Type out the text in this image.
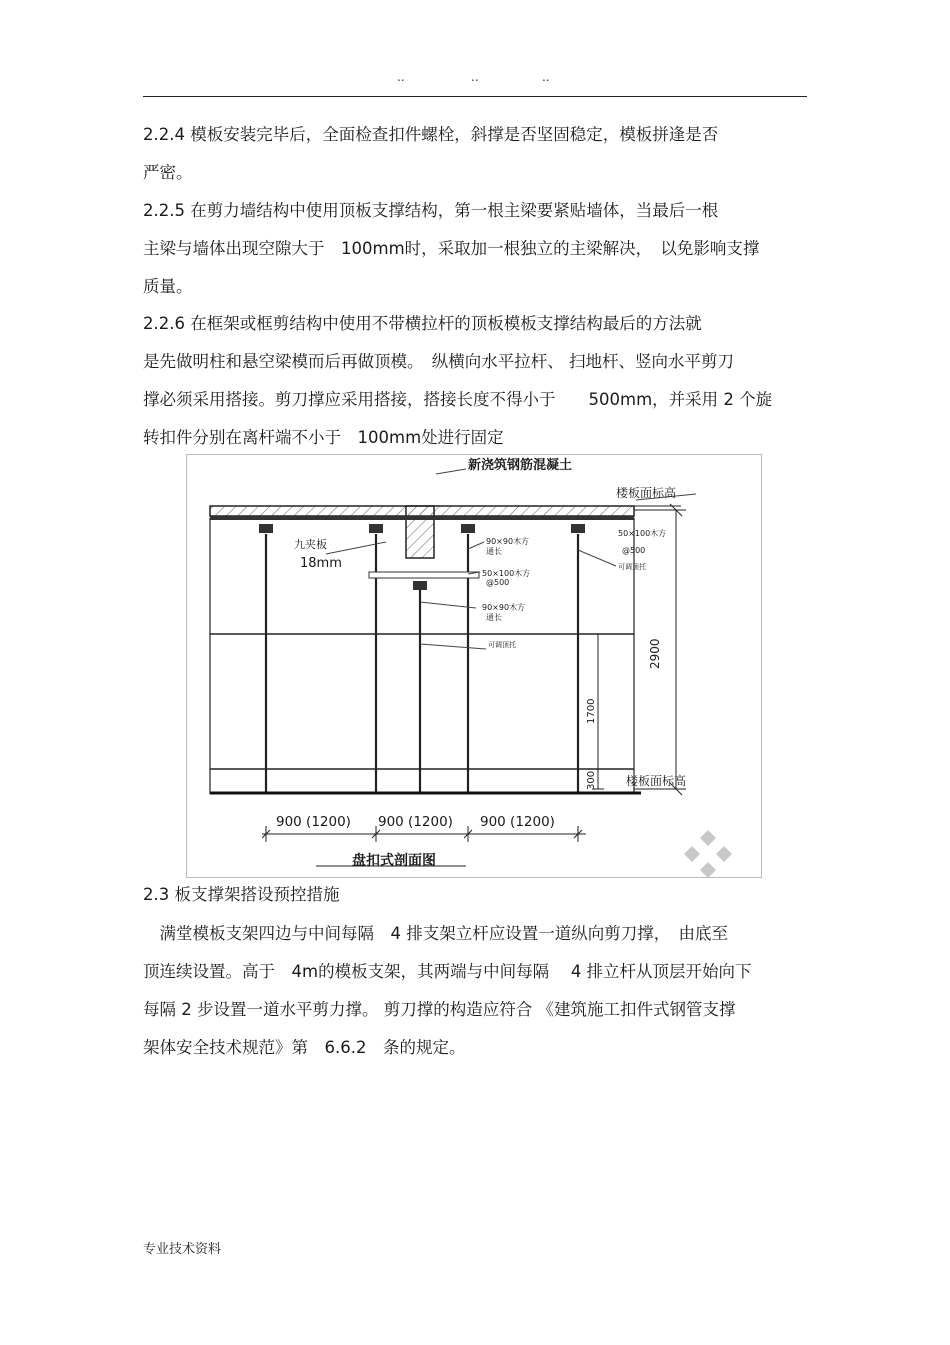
..	..	..
2.2.4 模板安装完毕后，全面检查扣件螺栓，斜撑是否坚固稳定，模板拼逢是否
严密。
2.2.5 在剪力墙结构中使用顶板支撑结构，第一根主梁要紧贴墙体，当最后一根
主梁与墙体出现空隙大于　100mm时，采取加一根独立的主梁解决，　以免影响支撑
质量。
2.2.6 在框架或框剪结构中使用不带横拉杆的顶板模板支撑结构最后的方法就
是先做明柱和悬空梁模而后再做顶模。　纵横向水平拉杆、 扫地杆、竖向水平剪刀
撑必须采用搭接。剪刀撑应采用搭接，搭接长度不得小于　　500mm，并采用 2 个旋
转扣件分别在离杆端不小于　100mm处进行固定
新浇筑钢筋混凝土
楼板面标高
九夹板
18mm
90×90木方
通长
50×100木方
@500
90×90木方
通长
可调顶托
50×100木方
@500
可调顶托
2900
1700
300 楼板面标高
900 (1200) 900 (1200) 900 (1200)
盘扣式剖面图
2.3 板支撑架搭设预控措施
　满堂模板支架四边与中间每隔　4 排支架立杆应设置一道纵向剪刀撑，　由底至
顶连续设置。高于　4m的模板支架，其两端与中间每隔　 4 排立杆从顶层开始向下
每隔 2 步设置一道水平剪力撑。 剪刀撑的构造应符合 《建筑施工扣件式钢管支撑
架体安全技术规范》第　6.6.2　条的规定。
专业技术资料
